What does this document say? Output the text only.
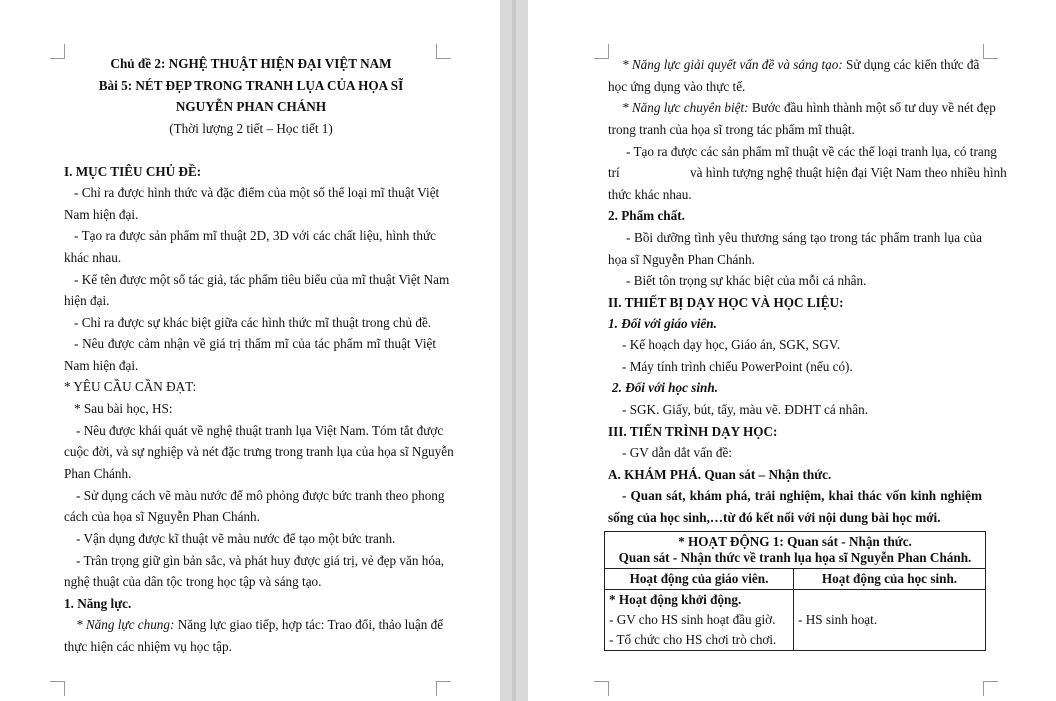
Chủ đề 2: NGHỆ THUẬT HIỆN ĐẠI VIỆT NAM
Bài 5: NÉT ĐẸP TRONG TRANH LỤA CỦA HỌA SĨ
NGUYỄN PHAN CHÁNH
(Thời lượng 2 tiết – Học tiết 1)
I. MỤC TIÊU CHỦ ĐỀ:
- Chỉ ra được hình thức và đặc điểm của một số thể loại mĩ thuật Việt
Nam hiện đại.
- Tạo ra được sản phẩm mĩ thuật 2D, 3D với các chất liệu, hình thức
khác nhau.
- Kể tên được một số tác giả, tác phẩm tiêu biểu của mĩ thuật Việt Nam
hiện đại.
- Chỉ ra được sự khác biệt giữa các hình thức mĩ thuật trong chủ đề.
- Nêu được cảm nhận về giá trị thẩm mĩ của tác phẩm mĩ thuật Việt
Nam hiện đại.
* YÊU CẦU CẦN ĐẠT:
* Sau bài học, HS:
- Nêu được khái quát về nghệ thuật tranh lụa Việt Nam. Tóm tắt được
cuộc đời, và sự nghiệp và nét đặc trưng trong tranh lụa của họa sĩ Nguyễn
Phan Chánh.
- Sử dụng cách vẽ màu nước để mô phỏng được bức tranh theo phong
cách của họa sĩ Nguyễn Phan Chánh.
- Vận dụng được kĩ thuật vẽ màu nước để tạo một bức tranh.
- Trân trọng giữ gìn bản sắc, và phát huy được giá trị, vẻ đẹp văn hóa,
nghệ thuật của dân tộc trong học tập và sáng tạo.
1. Năng lực.
* Năng lực chung: Năng lực giao tiếp, hợp tác: Trao đổi, thảo luận để
thực hiện các nhiệm vụ học tập.
* Năng lực giải quyết vấn đề và sáng tạo: Sử dụng các kiến thức đã
học ứng dụng vào thực tế.
* Năng lực chuyên biệt: Bước đầu hình thành một số tư duy về nét đẹp
trong tranh của họa sĩ trong tác phẩm mĩ thuật.
- Tạo ra được các sản phẩm mĩ thuật về các thể loại tranh lụa, có trang
trí	và hình tượng nghệ thuật hiện đại Việt Nam theo nhiều hình
thức khác nhau.
2. Phẩm chất.
- Bồi dưỡng tình yêu thương sáng tạo trong tác phẩm tranh lụa của
họa sĩ Nguyễn Phan Chánh.
- Biết tôn trọng sự khác biệt của mỗi cá nhân.
II. THIẾT BỊ DẠY HỌC VÀ HỌC LIỆU:
1. Đối với giáo viên.
- Kế hoạch dạy học, Giáo án, SGK, SGV.
- Máy tính trình chiếu PowerPoint (nếu có).
2. Đối với học sinh.
- SGK. Giấy, bút, tẩy, màu vẽ. ĐDHT cá nhân.
III. TIẾN TRÌNH DẠY HỌC:
- GV dẫn dắt vấn đề:
A. KHÁM PHÁ. Quan sát – Nhận thức.
- Quan sát, khám phá, trải nghiệm, khai thác vốn kinh nghiệm
sống của học sinh,…từ đó kết nối với nội dung bài học mới.
* HOẠT ĐỘNG 1: Quan sát - Nhận thức.
Quan sát - Nhận thức về tranh lụa họa sĩ Nguyễn Phan Chánh.	

Hoạt động của giáo viên.	Hoạt động của học sinh.

* Hoạt động khởi động.
- GV cho HS sinh hoạt đầu giờ.
- Tổ chức cho HS chơi trò chơi.	- HS sinh hoạt.
